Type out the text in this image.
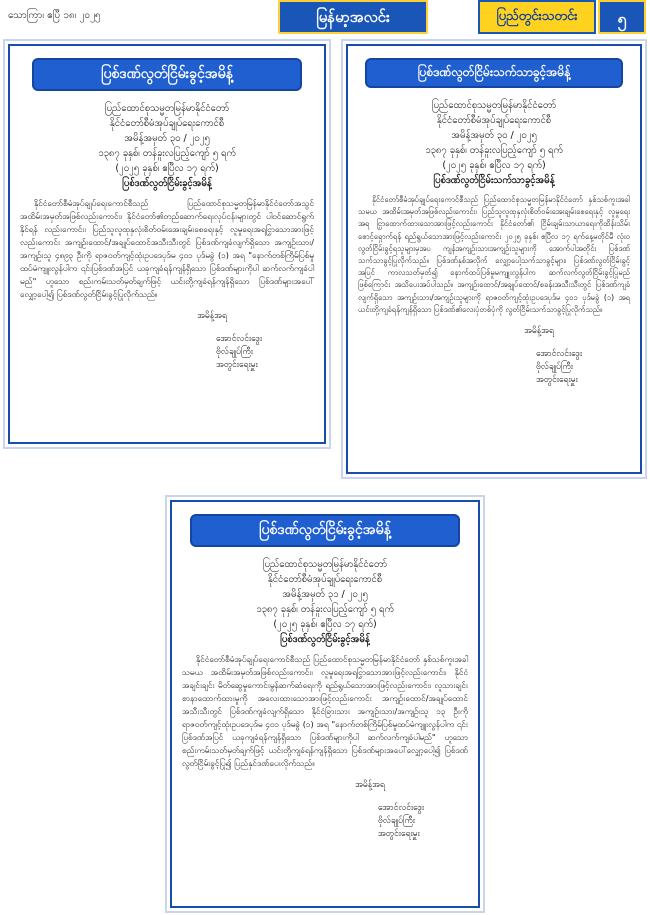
သောကြာ၊ ဧပြီ ၁၈၊ ၂၀၂၅	မြန်မာ့အလင်း	ပြည်တွင်းသတင်း	၅
ပြစ်ဒဏ်လွတ်ငြိမ်းခွင့်အမိန့်
ပြည်ထောင်စုသမ္မတမြန်မာနိုင်ငံတော်
နိုင်ငံတော်စီမံအုပ်ချုပ်ရေးကောင်စီ
အမိန့်အမှတ် ၃၀ / ၂၀၂၅
၁၃၈၇ ခုနှစ်၊ တန်ခူးလပြည့်ကျော် ၅ ရက်
(၂၀၂၅ ခုနှစ်၊ ဧပြီလ ၁၇ ရက်)
ပြစ်ဒဏ်လွတ်ငြိမ်းခွင့်အမိန့်

နိုင်ငံတော်စီမံအုပ်ချုပ်ရေးကောင်စီသည် ပြည်ထောင်စုသမ္မတမြန်မာနိုင်ငံတော်အသွင် အထိမ်းအမှတ်အဖြစ်လည်းကောင်း၊ နိုင်ငံတော်၏တည်ဆောက်ရေးလုပ်ငန်းများတွင် ပါဝင်ဆောင်ရွက်နိုင်ရန် လည်းကောင်း၊ ပြည်သူလူထုနှလုံးစိတ်ဝမ်းအေးချမ်းစေရေးနှင့် လူမှုရေးအရငြှာသောအားဖြင့် လည်းကောင်း အကျဉ်းထောင်/အချုပ်ထောင်အသီးသီးတွင် ပြစ်ဒဏ်ကျခံလျက်ရှိသော အကျဉ်းသား/အကျဉ်းသူ ၄၈၉၃ ဦးကို ရာဇဝတ်ကျင့်ထုံးဥပဒေပုဒ်မ ၄၀၁ ပုဒ်မခွဲ (၁) အရ "နောက်တစ်ကြိမ်ပြစ်မှု ထပ်မံကျူးလွန်ပါက ၎င်းပြစ်ဒဏ်အပြင် ယခုကျခံရန်ကျန်ရှိသော ပြစ်ဒဏ်များကိုပါ ဆက်လက်ကျခံပါမည်" ဟူသော စည်းကမ်းသတ်မှတ်ချက်ဖြင့် ယင်းတို့ကျခံရန်ကျန်ရှိသော ပြစ်ဒဏ်များအပေါ် လျှော့ပေါ့၍ ပြစ်ဒဏ်လွတ်ငြိမ်းခွင့်ပြုလိုက်သည်။

အမိန့်အရ
အောင်လင်းဒွေး
ဗိုလ်ချုပ်ကြီး
အတွင်းရေးမှူး
ပြစ်ဒဏ်လွတ်ငြိမ်းသက်သာခွင့်အမိန့်
ပြည်ထောင်စုသမ္မတမြန်မာနိုင်ငံတော်
နိုင်ငံတော်စီမံအုပ်ချုပ်ရေးကောင်စီ
အမိန့်အမှတ် ၃၀ / ၂၀၂၅
၁၃၈၇ ခုနှစ်၊ တန်ခူးလပြည့်ကျော် ၅ ရက်
(၂၀၂၅ ခုနှစ်၊ ဧပြီလ ၁၇ ရက်)
ပြစ်ဒဏ်လွတ်ငြိမ်းသက်သာခွင့်အမိန့်

နိုင်ငံတော်စီမံအုပ်ချုပ်ရေးကောင်စီသည် ပြည်ထောင်စုသမ္မတမြန်မာနိုင်ငံတော် နှစ်သစ်ကူးအခါသမယ အထိမ်းအမှတ်အဖြစ်လည်းကောင်း၊ ပြည်သူလူထုနှလုံးစိတ်ဝမ်းအေးချမ်းစေရေးနှင့် လူမှုရေးအရ ငြှာထောက်ထားသောအားဖြင့်လည်းကောင်း နိုင်ငံတော်၏ ငြိမ်းချမ်းသာယာရေးကိုထိန်းသိမ်းစောင့်ရှောက်ရန် ရည်ရွယ်သောအားဖြင့်လည်းကောင်း ၂၀၂၅ ခုနှစ်၊ ဧပြီလ ၁၇ ရက်နေ့မတိုင်မီ လုံးဝလွတ်ငြိမ်းခွင့်ရသူများမှအပ ကျန်အကျဉ်းသားအကျဉ်းသူများကို အောက်ပါအတိုင်း ပြစ်ဒဏ်သက်သာခွင့်ပြုလိုက်သည်။ ပြစ်ဒဏ်နှစ်အလိုက် လျှော့ပေါ့သက်သာခွင့်များ၊ ပြစ်ဒဏ်လွတ်ငြိမ်းခွင့်အပြင် ကာလသတ်မှတ်၍ နောက်ထပ်ပြစ်မှုမကျူးလွန်ပါက ဆက်လက်လွတ်ငြိမ်းခွင့်ပြုမည်ဖြစ်ကြောင်း အသိပေးအပ်ပါသည်။ အကျဉ်းထောင်/အချုပ်ထောင်/စခန်းအသီးသီးတွင် ပြစ်ဒဏ်ကျခံလျက်ရှိသော အကျဉ်းသား/အကျဉ်းသူများကို ရာဇဝတ်ကျင့်ထုံးဥပဒေပုဒ်မ ၄၀၁ ပုဒ်မခွဲ (၁) အရ ယင်းတို့ကျခံရန်ကျန်ရှိသော ပြစ်ဒဏ်၏လေးပုံတစ်ပုံကို လွတ်ငြိမ်းသက်သာခွင့်ပြုလိုက်သည်။

အမိန့်အရ
အောင်လင်းဒွေး
ဗိုလ်ချုပ်ကြီး
အတွင်းရေးမှူး
ပြစ်ဒဏ်လွတ်ငြိမ်းခွင့်အမိန့်
ပြည်ထောင်စုသမ္မတမြန်မာနိုင်ငံတော်
နိုင်ငံတော်စီမံအုပ်ချုပ်ရေးကောင်စီ
အမိန့်အမှတ် ၃၁ / ၂၀၂၅
၁၃၈၇ ခုနှစ်၊ တန်ခူးလပြည့်ကျော် ၅ ရက်
(၂၀၂၅ ခုနှစ်၊ ဧပြီလ ၁၇ ရက်)
ပြစ်ဒဏ်လွတ်ငြိမ်းခွင့်အမိန့်

နိုင်ငံတော်စီမံအုပ်ချုပ်ရေးကောင်စီသည် ပြည်ထောင်စုသမ္မတမြန်မာနိုင်ငံတော် နှစ်သစ်ကူးအခါသမယ အထိမ်းအမှတ်အဖြစ်လည်းကောင်း၊ လူမှုရေးအရငြှာသောအားဖြင့်လည်းကောင်း၊ နိုင်ငံအချင်းချင်း မိတ်ဆွေမှုကောင်းမွန်ဆက်ဆံရေးကို ရည်ရွယ်သောအားဖြင့်လည်းကောင်း၊ လူသားချင်းစာနာထောက်ထားမှုကို အလေးထားသောအားဖြင့်လည်းကောင်း အကျဉ်းထောင်/အချုပ်ထောင်အသီးသီးတွင် ပြစ်ဒဏ်ကျခံလျက်ရှိသော နိုင်ငံခြားသား အကျဉ်းသား/အကျဉ်းသူ ၁၃ ဦးကို ရာဇဝတ်ကျင့်ထုံးဥပဒေပုဒ်မ ၄၀၁ ပုဒ်မခွဲ (၁) အရ "နောက်တစ်ကြိမ်ပြစ်မှုထပ်မံကျူးလွန်ပါက ၎င်းပြစ်ဒဏ်အပြင် ယခုကျခံရန်ကျန်ရှိသော ပြစ်ဒဏ်များကိုပါ ဆက်လက်ကျခံပါမည်" ဟူသော စည်းကမ်းသတ်မှတ်ချက်ဖြင့် ယင်းတို့ကျခံရန်ကျန်ရှိသော ပြစ်ဒဏ်များအပေါ်လျှော့ပေါ့၍ ပြစ်ဒဏ်လွတ်ငြိမ်းခွင့်ပြု၍ ပြည်နှင်ဒဏ်ပေးလိုက်သည်။

အမိန့်အရ
အောင်လင်းဒွေး
ဗိုလ်ချုပ်ကြီး
အတွင်းရေးမှူး
